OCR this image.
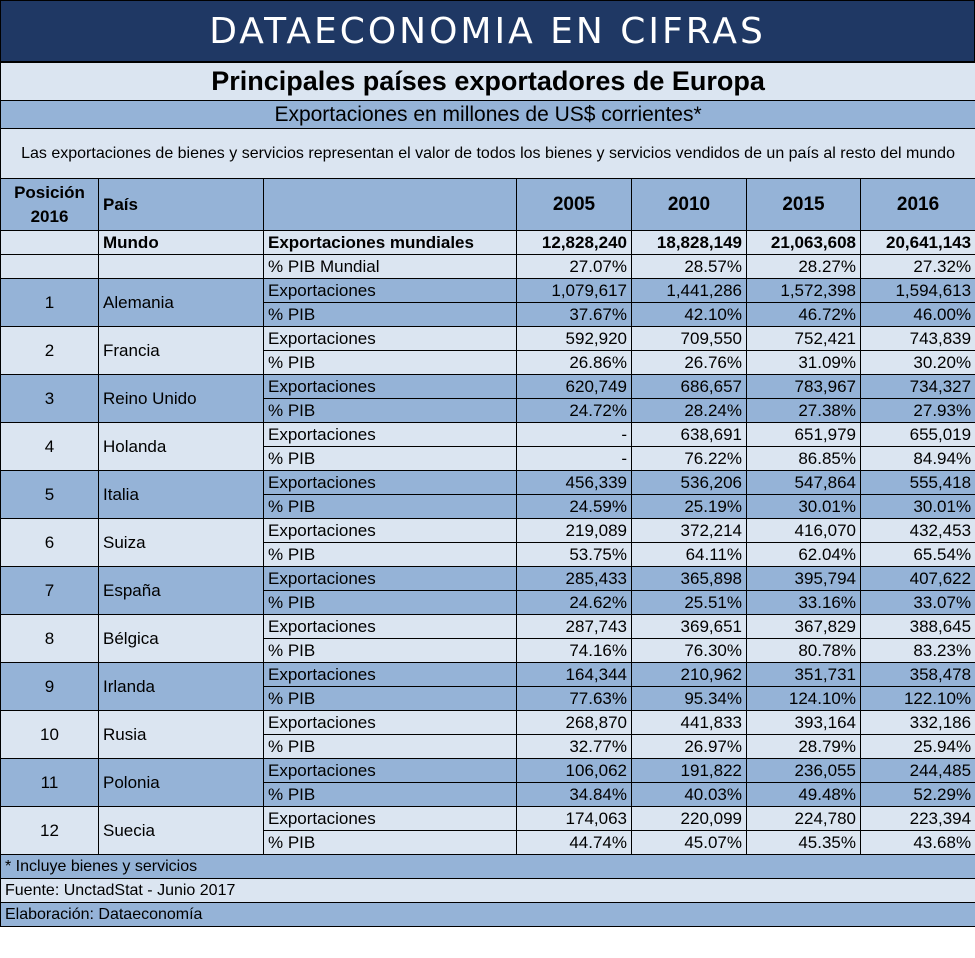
DATAECONOMIA EN CIFRAS
Principales países exportadores de Europa						
Exportaciones en millones de US$ corrientes*						
Las exportaciones de bienes y servicios representan el valor de todos los bienes y servicios vendidos de un país al resto del mundo						
Posición 2016	País		2005	2010	2015	2016
	Mundo	Exportaciones mundiales	12,828,240	18,828,149	21,063,608	20,641,143
		% PIB Mundial	27.07%	28.57%	28.27%	27.32%
1	Alemania	Exportaciones	1,079,617	1,441,286	1,572,398	1,594,613
		% PIB	37.67%	42.10%	46.72%	46.00%
2	Francia	Exportaciones	592,920	709,550	752,421	743,839
		% PIB	26.86%	26.76%	31.09%	30.20%
3	Reino Unido	Exportaciones	620,749	686,657	783,967	734,327
		% PIB	24.72%	28.24%	27.38%	27.93%
4	Holanda	Exportaciones	-	638,691	651,979	655,019
		% PIB	-	76.22%	86.85%	84.94%
5	Italia	Exportaciones	456,339	536,206	547,864	555,418
		% PIB	24.59%	25.19%	30.01%	30.01%
6	Suiza	Exportaciones	219,089	372,214	416,070	432,453
		% PIB	53.75%	64.11%	62.04%	65.54%
7	España	Exportaciones	285,433	365,898	395,794	407,622
		% PIB	24.62%	25.51%	33.16%	33.07%
8	Bélgica	Exportaciones	287,743	369,651	367,829	388,645
		% PIB	74.16%	76.30%	80.78%	83.23%
9	Irlanda	Exportaciones	164,344	210,962	351,731	358,478
		% PIB	77.63%	95.34%	124.10%	122.10%
10	Rusia	Exportaciones	268,870	441,833	393,164	332,186
		% PIB	32.77%	26.97%	28.79%	25.94%
11	Polonia	Exportaciones	106,062	191,822	236,055	244,485
		% PIB	34.84%	40.03%	49.48%	52.29%
12	Suecia	Exportaciones	174,063	220,099	224,780	223,394
		% PIB	44.74%	45.07%	45.35%	43.68%
* Incluye bienes y servicios						
Fuente: UnctadStat - Junio 2017						
Elaboración: Dataeconomía						
